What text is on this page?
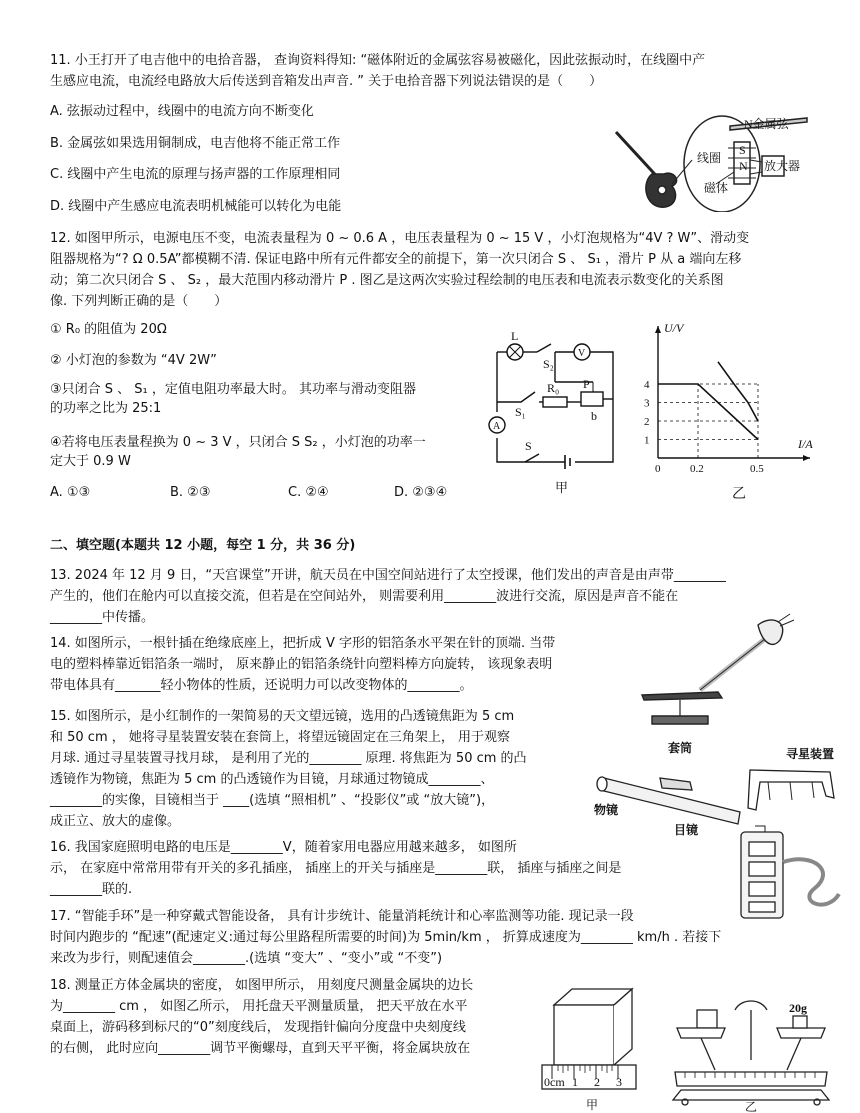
11. 小王打开了电吉他中的电拾音器， 查询资料得知: “磁体附近的金属弦容易被磁化，因此弦振动时，在线圈中产
生感应电流，电流经电路放大后传送到音箱发出声音. ” 关于电拾音器下列说法错误的是（　　）
A. 弦振动过程中，线圈中的电流方向不断变化
B. 金属弦如果选用铜制成，电吉他将不能正常工作
C. 线圈中产生电流的原理与扬声器的工作原理相同
D. 线圈中产生感应电流表明机械能可以转化为电能
N金属弦
S
N
线圈
放大器
磁体
12. 如图甲所示，电源电压不变，电流表量程为 0 ~ 0.6 A ，电压表量程为 0 ~ 15 V ，小灯泡规格为“4V ? W”、滑动变
阻器规格为“? Ω 0.5A”都模糊不清. 保证电路中所有元件都安全的前提下，第一次只闭合 S 、 S₁ ，滑片 P 从 a 端向左移
动；第二次只闭合 S 、 S₂ ，最大范围内移动滑片 P . 图乙是这两次实验过程绘制的电压表和电流表示数变化的关系图
像. 下列判断正确的是（　　）
① R₀ 的阻值为 20Ω
② 小灯泡的参数为 “4V 2W”
③只闭合 S 、 S₁ ，定值电阻功率最大时。 其功率与滑动变阻器
的功率之比为 25:1
④若将电压表量程换为 0 ~ 3 V ，只闭合 S S₂ ，小灯泡的功率一
定大于 0.9 W
A. ①③	B. ②③	C. ②④	D. ②③④
L
V
S₂
R₀ P
A
S₁	b
S
甲
U/V
I/A
乙
0	0.2	0.5
1
2
3
4
二、填空题(本题共 12 小题，每空 1 分，共 36 分)
13. 2024 年 12 月 9 日，“天宫课堂”开讲，航天员在中国空间站进行了太空授课，他们发出的声音是由声带________
产生的，他们在舱内可以直接交流，但若是在空间站外， 则需要利用________波进行交流，原因是声音不能在
________中传播。
14. 如图所示，一根针插在绝缘底座上，把折成 V 字形的铝箔条水平架在针的顶端. 当带
电的塑料棒靠近铝箔条一端时， 原来静止的铝箔条绕针向塑料棒方向旋转， 该现象表明
带电体具有_______轻小物体的性质，还说明力可以改变物体的________。
15. 如图所示，是小红制作的一架简易的天文望远镜，选用的凸透镜焦距为 5 cm
和 50 cm ， 她将寻星装置安装在套筒上，将望远镜固定在三角架上， 用于观察
月球. 通过寻星装置寻找月球， 是利用了光的________ 原理. 将焦距为 50 cm 的凸
透镜作为物镜，焦距为 5 cm 的凸透镜作为目镜，月球通过物镜成________、
________的实像，目镜相当于 ____(选填 “照相机” 、“投影仪”或 “放大镜”)，
成正立、放大的虚像。
套筒	寻星装置
物镜
目镜
16. 我国家庭照明电路的电压是________V，随着家用电器应用越来越多， 如图所
示， 在家庭中常常用带有开关的多孔插座， 插座上的开关与插座是________联， 插座与插座之间是
________联的.
17. “智能手环”是一种穿戴式智能设备， 具有计步统计、能量消耗统计和心率监测等功能. 现记录一段
时间内跑步的 “配速”(配速定义:通过每公里路程所需要的时间)为 5min/km ， 折算成速度为________ km/h . 若接下
来改为步行，则配速值会________.(选填 “变大” 、“变小”或 “不变”)
18. 测量正方体金属块的密度， 如图甲所示， 用刻度尺测量金属块的边长
为________ cm ， 如图乙所示， 用托盘天平测量质量， 把天平放在水平
桌面上，游码移到标尺的“0”刻度线后， 发现指针偏向分度盘中央刻度线
的右侧， 此时应向________调节平衡螺母，直到天平平衡，将金属块放在
0cm 1 2 3
甲
20g
乙
